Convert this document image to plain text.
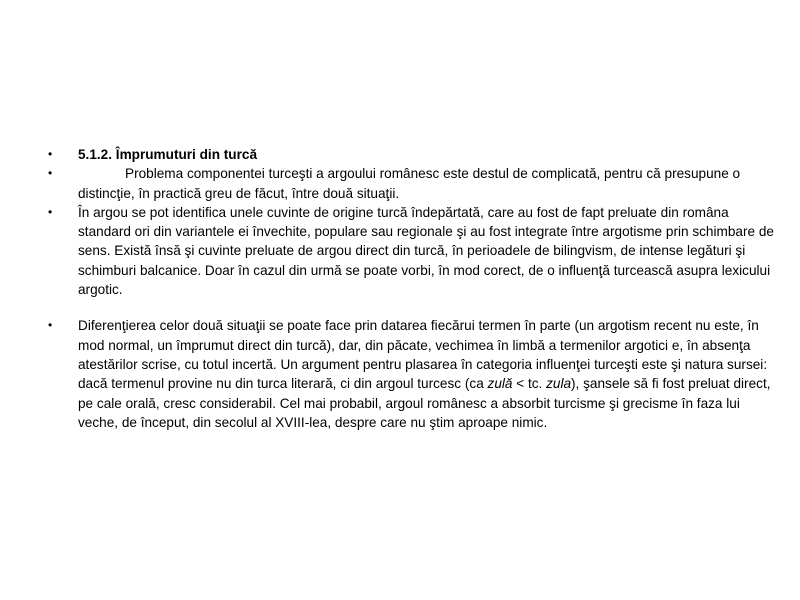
• 5.1.2. Împrumuturi din turcă
•	Problema componentei turceşti a argoului românesc este destul de complicată, pentru că presupune o distincţie, în practică greu de făcut, între două situaţii.
• În argou se pot identifica unele cuvinte de origine turcă îndepărtată, care au fost de fapt preluate din româna standard ori din variantele ei învechite, populare sau regionale şi au fost integrate între argotisme prin schimbare de sens. Există însă şi cuvinte preluate de argou direct din turcă, în perioadele de bilingvism, de intense legături şi schimburi balcanice. Doar în cazul din urmă se poate vorbi, în mod corect, de o influenţă turcească asupra lexicului argotic.
• Diferenţierea celor două situaţii se poate face prin datarea fiecărui termen în parte (un argotism recent nu este, în mod normal, un împrumut direct din turcă), dar, din păcate, vechimea în limbă a termenilor argotici e, în absenţa atestărilor scrise, cu totul incertă. Un argument pentru plasarea în categoria influenţei turceşti este şi natura sursei: dacă termenul provine nu din turca literară, ci din argoul turcesc (ca zulă < tc. zula), şansele să fi fost preluat direct, pe cale orală, cresc considerabil. Cel mai probabil, argoul românesc a absorbit turcisme şi grecisme în faza lui veche, de început, din secolul al XVIII-lea, despre care nu ştim aproape nimic.
